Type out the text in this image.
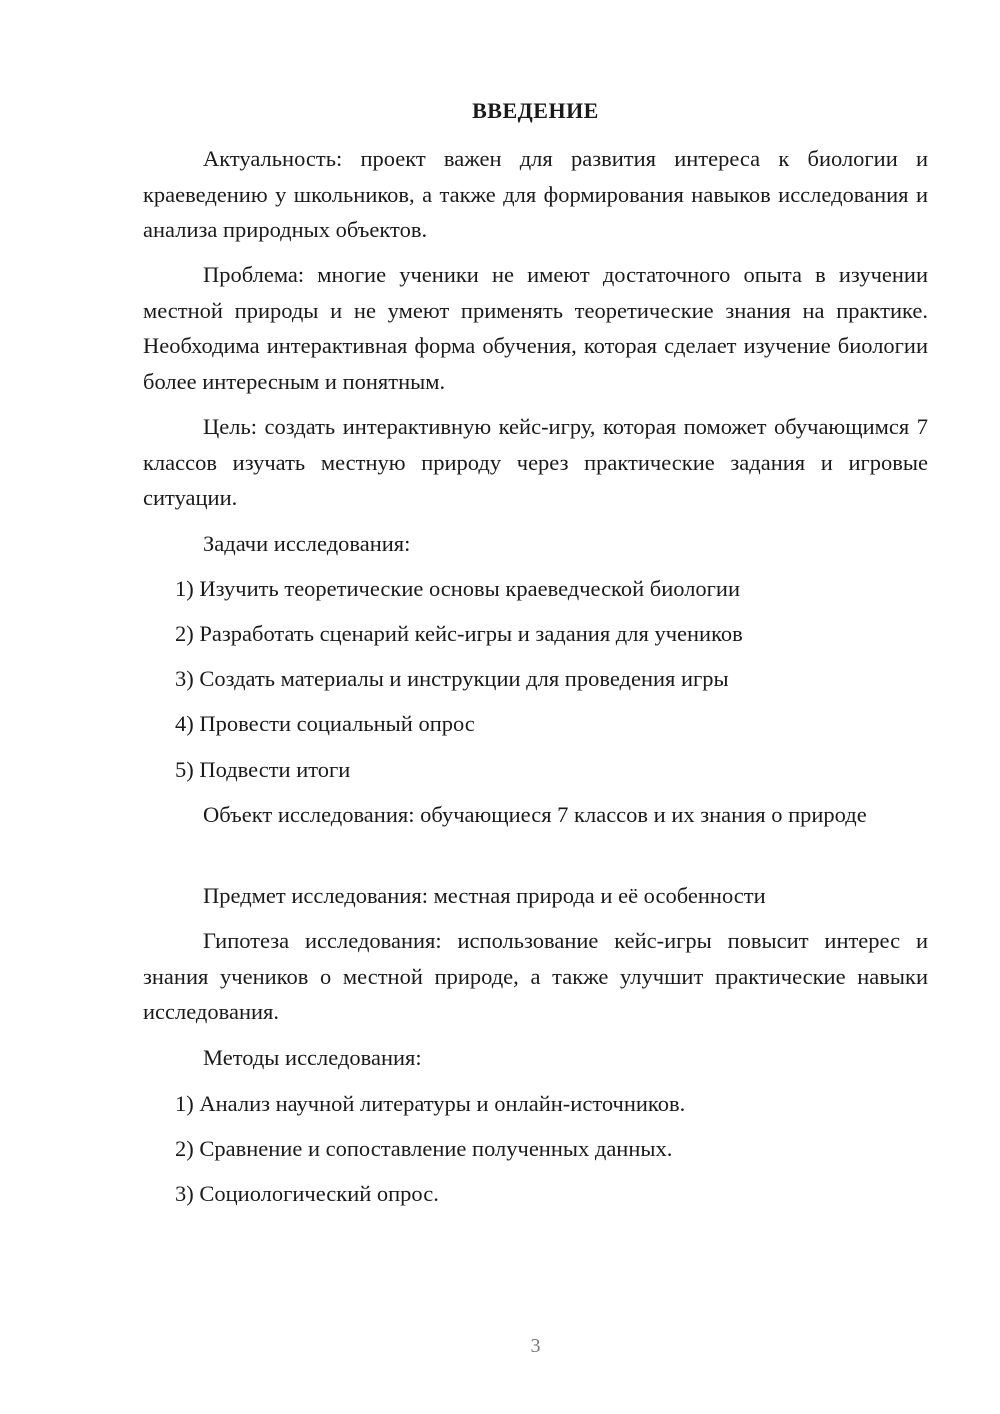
ВВЕДЕНИЕ

Актуальность: проект важен для развития интереса к биологии и краеведению у школьников, а также для формирования навыков исследования и анализа природных объектов.

Проблема: многие ученики не имеют достаточного опыта в изучении местной природы и не умеют применять теоретические знания на практике. Необходима интерактивная форма обучения, которая сделает изучение биологии более интересным и понятным.

Цель: создать интерактивную кейс-игру, которая поможет обучающимся 7 классов изучать местную природу через практические задания и игровые ситуации.

Задачи исследования:

1) Изучить теоретические основы краеведческой биологии

2) Разработать сценарий кейс-игры и задания для учеников

3) Создать материалы и инструкции для проведения игры

4) Провести социальный опрос

5) Подвести итоги

Объект исследования: обучающиеся 7 классов и их знания о природе

Предмет исследования: местная природа и её особенности

Гипотеза исследования: использование кейс-игры повысит интерес и знания учеников о местной природе, а также улучшит практические навыки исследования.

Методы исследования:

1) Анализ научной литературы и онлайн-источников.

2) Сравнение и сопоставление полученных данных.

3) Социологический опрос.

3
